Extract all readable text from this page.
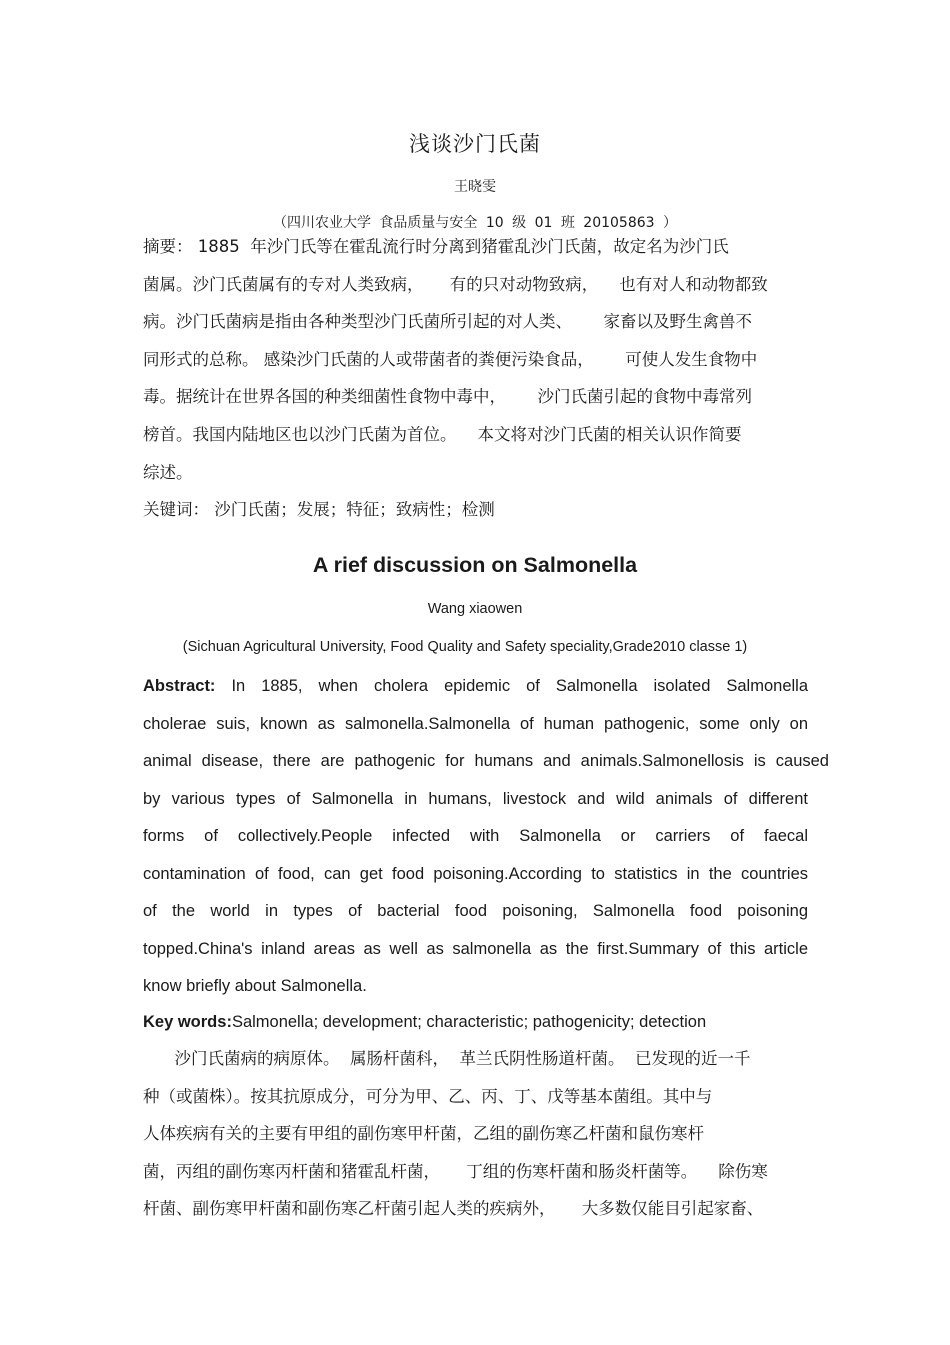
浅谈沙门氏菌
王晓雯
（四川农业大学 食品质量与安全 10 级 01 班 20105863 ）
摘要： 1885  年沙门氏等在霍乱流行时分离到猪霍乱沙门氏菌，故定名为沙门氏
菌属。沙门氏菌属有的专对人类致病，     有的只对动物致病，    也有对人和动物都致
病。沙门氏菌病是指由各种类型沙门氏菌所引起的对人类、      家畜以及野生禽兽不
同形式的总称。 感染沙门氏菌的人或带菌者的粪便污染食品，      可使人发生食物中
毒。据统计在世界各国的种类细菌性食物中毒中，      沙门氏菌引起的食物中毒常列
榜首。我国内陆地区也以沙门氏菌为首位。    本文将对沙门氏菌的相关认识作简要
综述。
关键词： 沙门氏菌；发展；特征；致病性；检测
A rief discussion on Salmonella
Wang xiaowen
(Sichuan Agricultural University, Food Quality and Safety speciality,Grade2010 classe 1)
Abstract: In 1885, when cholera epidemic of Salmonella isolated Salmonella
cholerae suis, known as salmonella.Salmonella of human pathogenic, some only on
animal disease, there are pathogenic for humans and animals.Salmonellosis is caused
by various types of Salmonella in humans, livestock and wild animals of different
forms of collectively.People infected with Salmonella or carriers of faecal
contamination of food, can get food poisoning.According to statistics in the countries
of the world in types of bacterial food poisoning, Salmonella food poisoning
topped.China's inland areas as well as salmonella as the first.Summary of this article
know briefly about Salmonella.
Key words:Salmonella; development; characteristic; pathogenicity; detection
沙门氏菌病的病原体。  属肠杆菌科，  革兰氏阴性肠道杆菌。  已发现的近一千
种（或菌株）。按其抗原成分，可分为甲、乙、丙、丁、戊等基本菌组。其中与
人体疾病有关的主要有甲组的副伤寒甲杆菌，乙组的副伤寒乙杆菌和鼠伤寒杆
菌，丙组的副伤寒丙杆菌和猪霍乱杆菌，     丁组的伤寒杆菌和肠炎杆菌等。    除伤寒
杆菌、副伤寒甲杆菌和副伤寒乙杆菌引起人类的疾病外，     大多数仅能目引起家畜、
